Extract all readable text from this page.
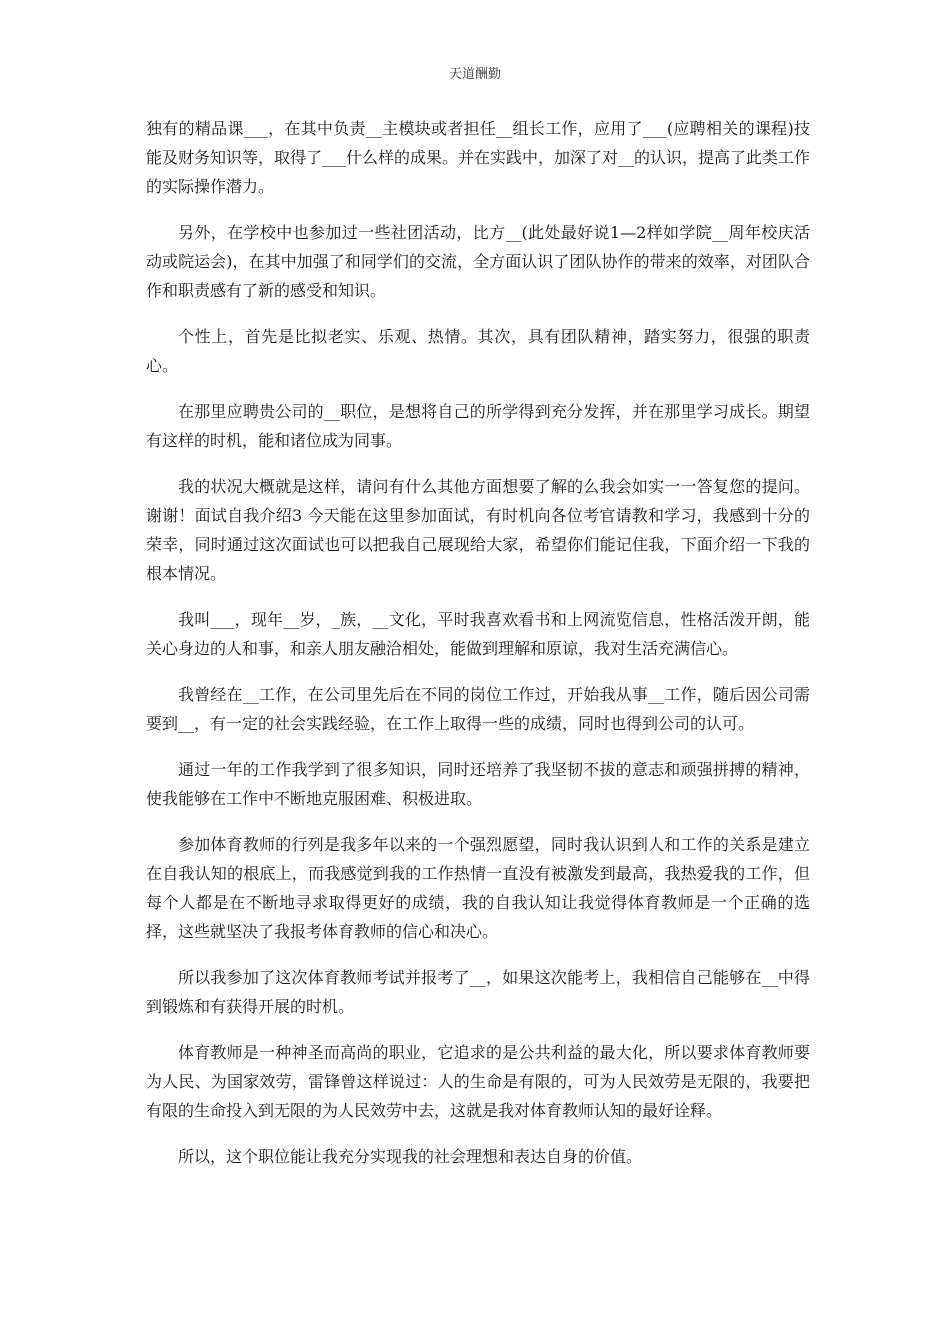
天道酬勤

独有的精品课___，在其中负责__主模块或者担任__组长工作，应用了___(应聘相关的课程)技能及财务知识等，取得了___什么样的成果。并在实践中，加深了对__的认识，提高了此类工作的实际操作潜力。

另外，在学校中也参加过一些社团活动，比方__(此处最好说1—2样如学院__周年校庆活动或院运会)，在其中加强了和同学们的交流，全方面认识了团队协作的带来的效率，对团队合作和职责感有了新的感受和知识。

个性上，首先是比拟老实、乐观、热情。其次，具有团队精神，踏实努力，很强的职责心。

在那里应聘贵公司的__职位，是想将自己的所学得到充分发挥，并在那里学习成长。期望有这样的时机，能和诸位成为同事。

我的状况大概就是这样，请问有什么其他方面想要了解的么我会如实一一答复您的提问。谢谢！面试自我介绍3 今天能在这里参加面试，有时机向各位考官请教和学习，我感到十分的荣幸，同时通过这次面试也可以把我自己展现给大家，希望你们能记住我，下面介绍一下我的根本情况。

我叫___，现年__岁，_族，__文化，平时我喜欢看书和上网流览信息，性格活泼开朗，能关心身边的人和事，和亲人朋友融洽相处，能做到理解和原谅，我对生活充满信心。

我曾经在__工作，在公司里先后在不同的岗位工作过，开始我从事__工作，随后因公司需要到__，有一定的社会实践经验，在工作上取得一些的成绩，同时也得到公司的认可。

通过一年的工作我学到了很多知识，同时还培养了我坚韧不拔的意志和顽强拼搏的精神，使我能够在工作中不断地克服困难、积极进取。

参加体育教师的行列是我多年以来的一个强烈愿望，同时我认识到人和工作的关系是建立在自我认知的根底上，而我感觉到我的工作热情一直没有被激发到最高，我热爱我的工作，但每个人都是在不断地寻求取得更好的成绩，我的自我认知让我觉得体育教师是一个正确的选择，这些就坚决了我报考体育教师的信心和决心。

所以我参加了这次体育教师考试并报考了__，如果这次能考上，我相信自己能够在__中得到锻炼和有获得开展的时机。

体育教师是一种神圣而高尚的职业，它追求的是公共利益的最大化，所以要求体育教师要为人民、为国家效劳，雷锋曾这样说过：人的生命是有限的，可为人民效劳是无限的，我要把有限的生命投入到无限的为人民效劳中去，这就是我对体育教师认知的最好诠释。

所以，这个职位能让我充分实现我的社会理想和表达自身的价值。
